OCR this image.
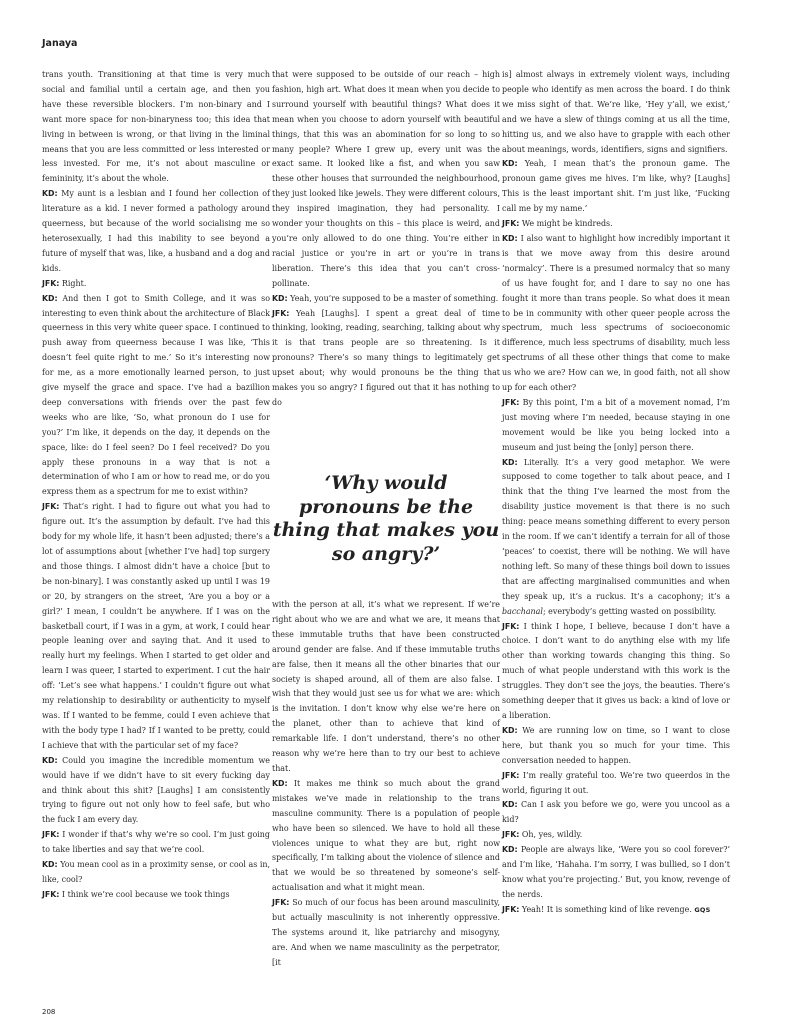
Janaya

trans youth. Transitioning at that time is very much social and familial until a certain age, and then you have these reversible blockers. I’m non-binary and I want more space for non-binaryness too; this idea that living in between is wrong, or that living in the liminal means that you are less committed or less interested or less invested. For me, it’s not about masculine or femininity, it’s about the whole.

KD: My aunt is a lesbian and I found her collection of literature as a kid. I never formed a pathology around queerness, but because of the world socialising me so heterosexually, I had this inability to see beyond a future of myself that was, like, a husband and a dog and kids.

JFK: Right.

KD: And then I got to Smith College, and it was so interesting to even think about the architecture of Black queerness in this very white queer space. I continued to push away from queerness because I was like, ‘This doesn’t feel quite right to me.’ So it’s interesting now for me, as a more emotionally learned person, to just give myself the grace and space. I’ve had a bazillion deep conversations with friends over the past few weeks who are like, ‘So, what pronoun do I use for you?’ I’m like, it depends on the day, it depends on the space, like: do I feel seen? Do I feel received? Do you apply these pronouns in a way that is not a determination of who I am or how to read me, or do you express them as a spectrum for me to exist within?

JFK: That’s right. I had to figure out what you had to figure out. It’s the assumption by default. I’ve had this body for my whole life, it hasn’t been adjusted; there’s a lot of assumptions about [whether I’ve had] top surgery and those things. I almost didn’t have a choice [but to be non-binary]. I was constantly asked up until I was 19 or 20, by strangers on the street, ‘Are you a boy or a girl?’ I mean, I couldn’t be anywhere. If I was on the basketball court, if I was in a gym, at work, I could hear people leaning over and saying that. And it used to really hurt my feelings. When I started to get older and learn I was queer, I started to experiment. I cut the hair off: ‘Let’s see what happens.’ I couldn’t figure out what my relationship to desirability or authenticity to myself was. If I wanted to be femme, could I even achieve that with the body type I had? If I wanted to be pretty, could I achieve that with the particular set of my face?

KD: Could you imagine the incredible momentum we would have if we didn’t have to sit every fucking day and think about this shit? [Laughs] I am consistently trying to figure out not only how to feel safe, but who the fuck I am every day.

JFK: I wonder if that’s why we’re so cool. I’m just going to take liberties and say that we’re cool.

KD: You mean cool as in a proximity sense, or cool as in, like, cool?

JFK: I think we’re cool because we took things

that were supposed to be outside of our reach – high fashion, high art. What does it mean when you decide to surround yourself with beautiful things? What does it mean when you choose to adorn yourself with beautiful things, that this was an abomination for so long to so many people? Where I grew up, every unit was the exact same. It looked like a fist, and when you saw these other houses that surrounded the neighbourhood, they just looked like jewels. They were different colours, they inspired imagination, they had personality. I wonder your thoughts on this – this place is weird, and you’re only allowed to do one thing. You’re either in racial justice or you’re in art or you’re in trans liberation. There’s this idea that you can’t cross-pollinate.

KD: Yeah, you’re supposed to be a master of something.

JFK: Yeah [Laughs]. I spent a great deal of time thinking, looking, reading, searching, talking about why it is that trans people are so threatening. Is it pronouns? There’s so many things to legitimately get upset about; why would pronouns be the thing that makes you so angry? I figured out that it has nothing to do

‘Why would pronouns be the thing that makes you so angry?’

with the person at all, it’s what we represent. If we’re right about who we are and what we are, it means that these immutable truths that have been constructed around gender are false. And if these immutable truths are false, then it means all the other binaries that our society is shaped around, all of them are also false. I wish that they would just see us for what we are: which is the invitation. I don’t know why else we’re here on the planet, other than to achieve that kind of remarkable life. I don’t understand, there’s no other reason why we’re here than to try our best to achieve that.

KD: It makes me think so much about the grand mistakes we’ve made in relationship to the trans masculine community. There is a population of people who have been so silenced. We have to hold all these violences unique to what they are but, right now specifically, I’m talking about the violence of silence and that we would be so threatened by someone’s self-actualisation and what it might mean.

JFK: So much of our focus has been around masculinity, but actually masculinity is not inherently oppressive. The systems around it, like patriarchy and misogyny, are. And when we name masculinity as the perpetrator, [it

is] almost always in extremely violent ways, including people who identify as men across the board. I do think we miss sight of that. We’re like, ‘Hey y’all, we exist,’ and we have a slew of things coming at us all the time, hitting us, and we also have to grapple with each other about meanings, words, identifiers, signs and signifiers.

KD: Yeah, I mean that’s the pronoun game. The pronoun game gives me hives. I’m like, why? [Laughs] This is the least important shit. I’m just like, ‘Fucking call me by my name.’

JFK: We might be kindreds.

KD: I also want to highlight how incredibly important it is that we move away from this desire around ‘normalcy’. There is a presumed normalcy that so many of us have fought for, and I dare to say no one has fought it more than trans people. So what does it mean to be in community with other queer people across the spectrum, much less spectrums of socioeconomic difference, much less spectrums of disability, much less spectrums of all these other things that come to make us who we are? How can we, in good faith, not all show up for each other?

JFK: By this point, I’m a bit of a movement nomad, I’m just moving where I’m needed, because staying in one movement would be like you being locked into a museum and just being the [only] person there.

KD: Literally. It’s a very good metaphor. We were supposed to come together to talk about peace, and I think that the thing I’ve learned the most from the disability justice movement is that there is no such thing: peace means something different to every person in the room. If we can’t identify a terrain for all of those ‘peaces’ to coexist, there will be nothing. We will have nothing left. So many of these things boil down to issues that are affecting marginalised communities and when they speak up, it’s a ruckus. It’s a cacophony; it’s a bacchanal; everybody’s getting wasted on possibility.

JFK: I think I hope, I believe, because I don’t have a choice. I don’t want to do anything else with my life other than working towards changing this thing. So much of what people understand with this work is the struggles. They don’t see the joys, the beauties. There’s something deeper that it gives us back: a kind of love or a liberation.

KD: We are running low on time, so I want to close here, but thank you so much for your time. This conversation needed to happen.

JFK: I’m really grateful too. We’re two queerdos in the world, figuring it out.

KD: Can I ask you before we go, were you uncool as a kid?

JFK: Oh, yes, wildly.

KD: People are always like, ‘Were you so cool forever?’ and I’m like, ‘Hahaha. I’m sorry, I was bullied, so I don’t know what you’re projecting.’ But, you know, revenge of the nerds.

JFK: Yeah! It is something kind of like revenge. GQS

208
